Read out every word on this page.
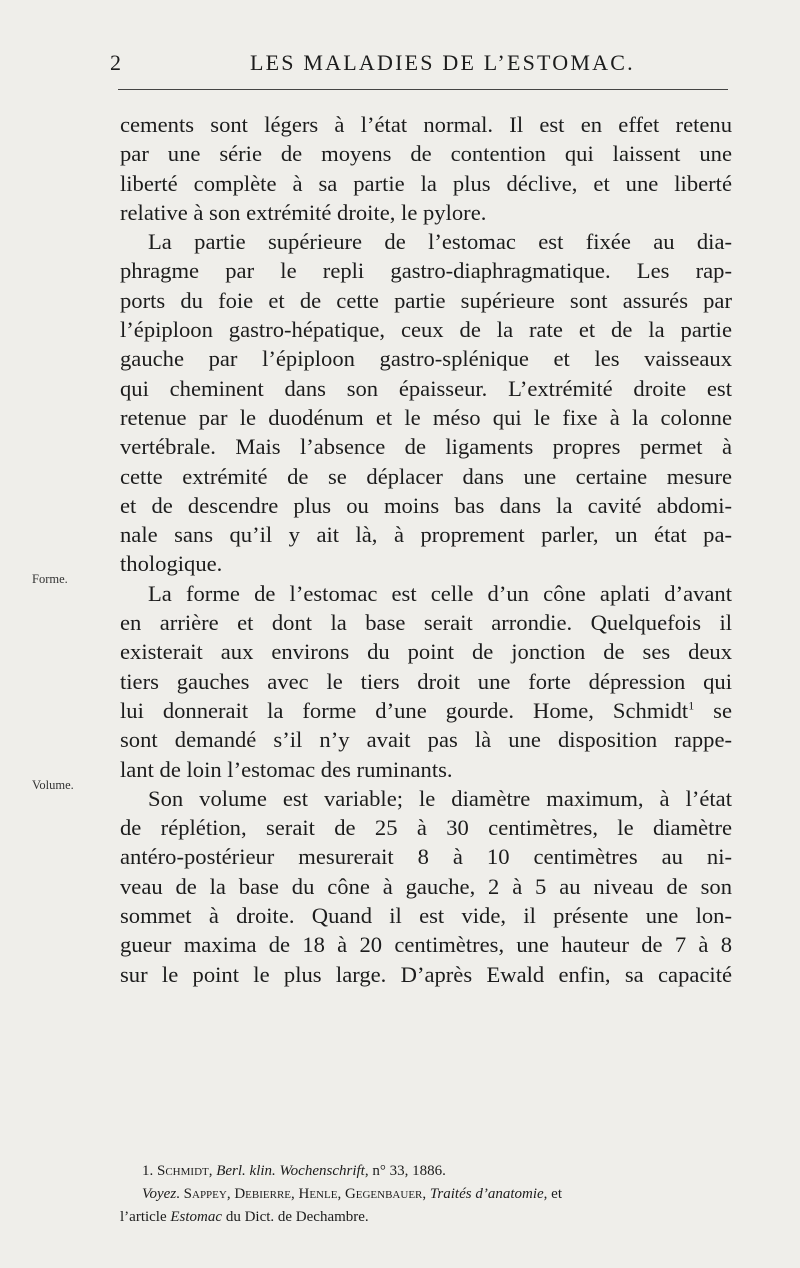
2	LES MALADIES DE L’ESTOMAC.
Forme.
Volume.
cements sont légers à l’état normal. Il est en effet retenu
par une série de moyens de contention qui laissent une
liberté complète à sa partie la plus déclive, et une liberté
relative à son extrémité droite, le pylore.
La partie supérieure de l’estomac est fixée au dia-
phragme par le repli gastro-diaphragmatique. Les rap-
ports du foie et de cette partie supérieure sont assurés par
l’épiploon gastro-hépatique, ceux de la rate et de la partie
gauche par l’épiploon gastro-splénique et les vaisseaux
qui cheminent dans son épaisseur. L’extrémité droite est
retenue par le duodénum et le méso qui le fixe à la colonne
vertébrale. Mais l’absence de ligaments propres permet à
cette extrémité de se déplacer dans une certaine mesure
et de descendre plus ou moins bas dans la cavité abdomi-
nale sans qu’il y ait là, à proprement parler, un état pa-
thologique.
La forme de l’estomac est celle d’un cône aplati d’avant
en arrière et dont la base serait arrondie. Quelquefois il
existerait aux environs du point de jonction de ses deux
tiers gauches avec le tiers droit une forte dépression qui
lui donnerait la forme d’une gourde. Home, Schmidt$^1$ se
sont demandé s’il n’y avait pas là une disposition rappe-
lant de loin l’estomac des ruminants.
Son volume est variable; le diamètre maximum, à l’état
de réplétion, serait de 25 à 30 centimètres, le diamètre
antéro-postérieur mesurerait 8 à 10 centimètres au ni-
veau de la base du cône à gauche, 2 à 5 au niveau de son
sommet à droite. Quand il est vide, il présente une lon-
gueur maxima de 18 à 20 centimètres, une hauteur de 7 à 8
sur le point le plus large. D’après Ewald enfin, sa capacité
1. Schmidt, Berl. klin. Wochenschrift, n° 33, 1886.
Voyez. Sappey, Debierre, Henle, Gegenbauer, Traités d’anatomie, et
l’article Estomac du Dict. de Dechambre.
